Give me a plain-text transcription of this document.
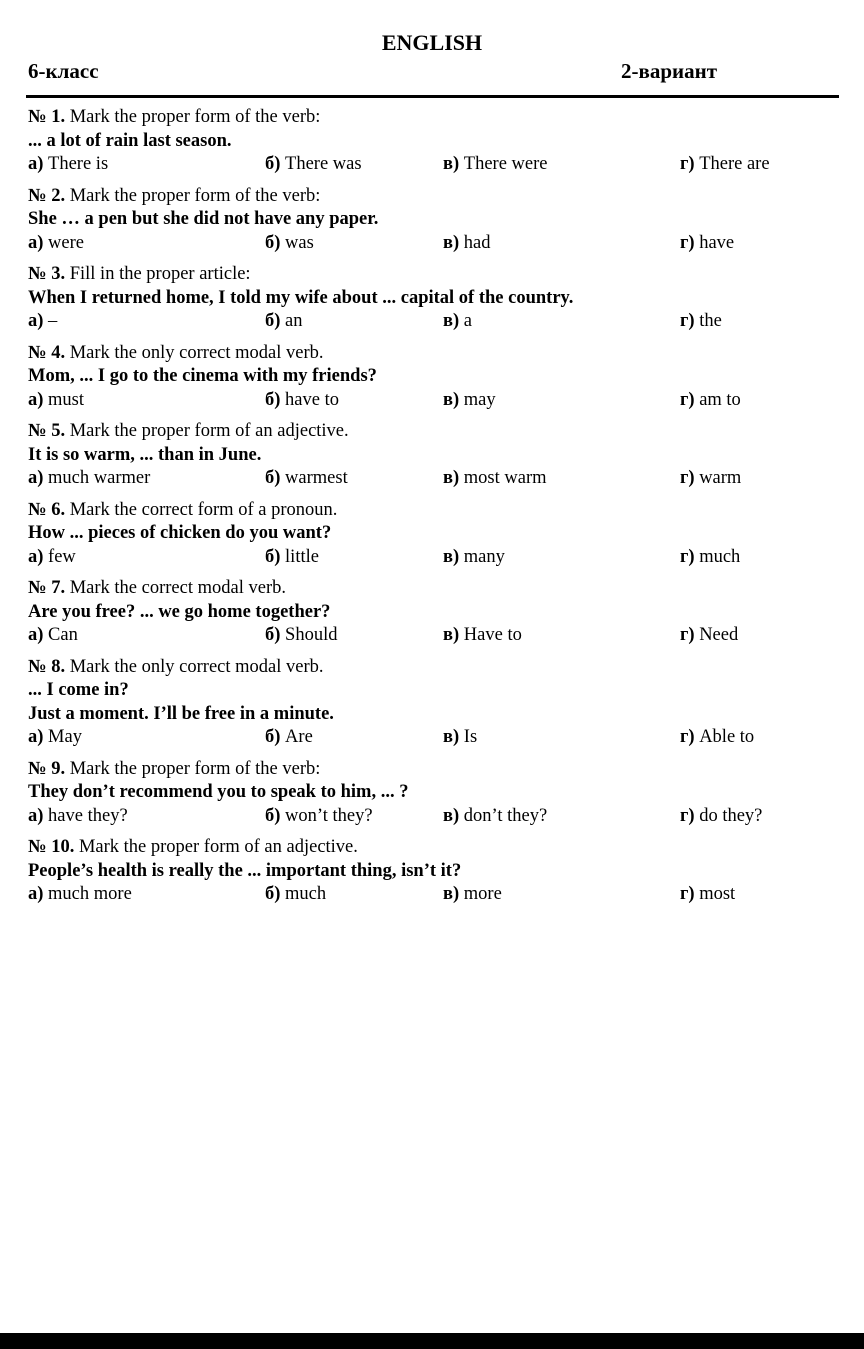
ENGLISH
6-класс	2-вариант
№ 1. Mark the proper form of the verb:
... a lot of rain last season.
а) There is	б) There was	в) There were	г) There are
№ 2. Mark the proper form of the verb:
She … a pen but she did not have any paper.
а) were	б) was	в) had	г) have
№ 3. Fill in the proper article:
When I returned home, I told my wife about ... capital of the country.
а) –	б) an	в) a	г) the
№ 4. Mark the only correct modal verb.
Mom, ... I go to the cinema with my friends?
а) must	б) have to	в) may	г) am to
№ 5. Mark the proper form of an adjective.
It is so warm, ... than in June.
а) much warmer	б) warmest	в) most warm	г) warm
№ 6. Mark the correct form of a pronoun.
How ... pieces of chicken do you want?
а) few	б) little	в) many	г) much
№ 7. Mark the correct modal verb.
Are you free? ... we go home together?
а) Can	б) Should	в) Have to	г) Need
№ 8. Mark the only correct modal verb.
... I come in?
Just a moment. I’ll be free in a minute.
а) May	б) Are	в) Is	г) Able to
№ 9. Mark the proper form of the verb:
They don’t recommend you to speak to him, ... ?
а) have they?	б) won’t they?	в) don’t they?	г) do they?
№ 10. Mark the proper form of an adjective.
People’s health is really the ... important thing, isn’t it?
а) much more	б) much	в) more	г) most
